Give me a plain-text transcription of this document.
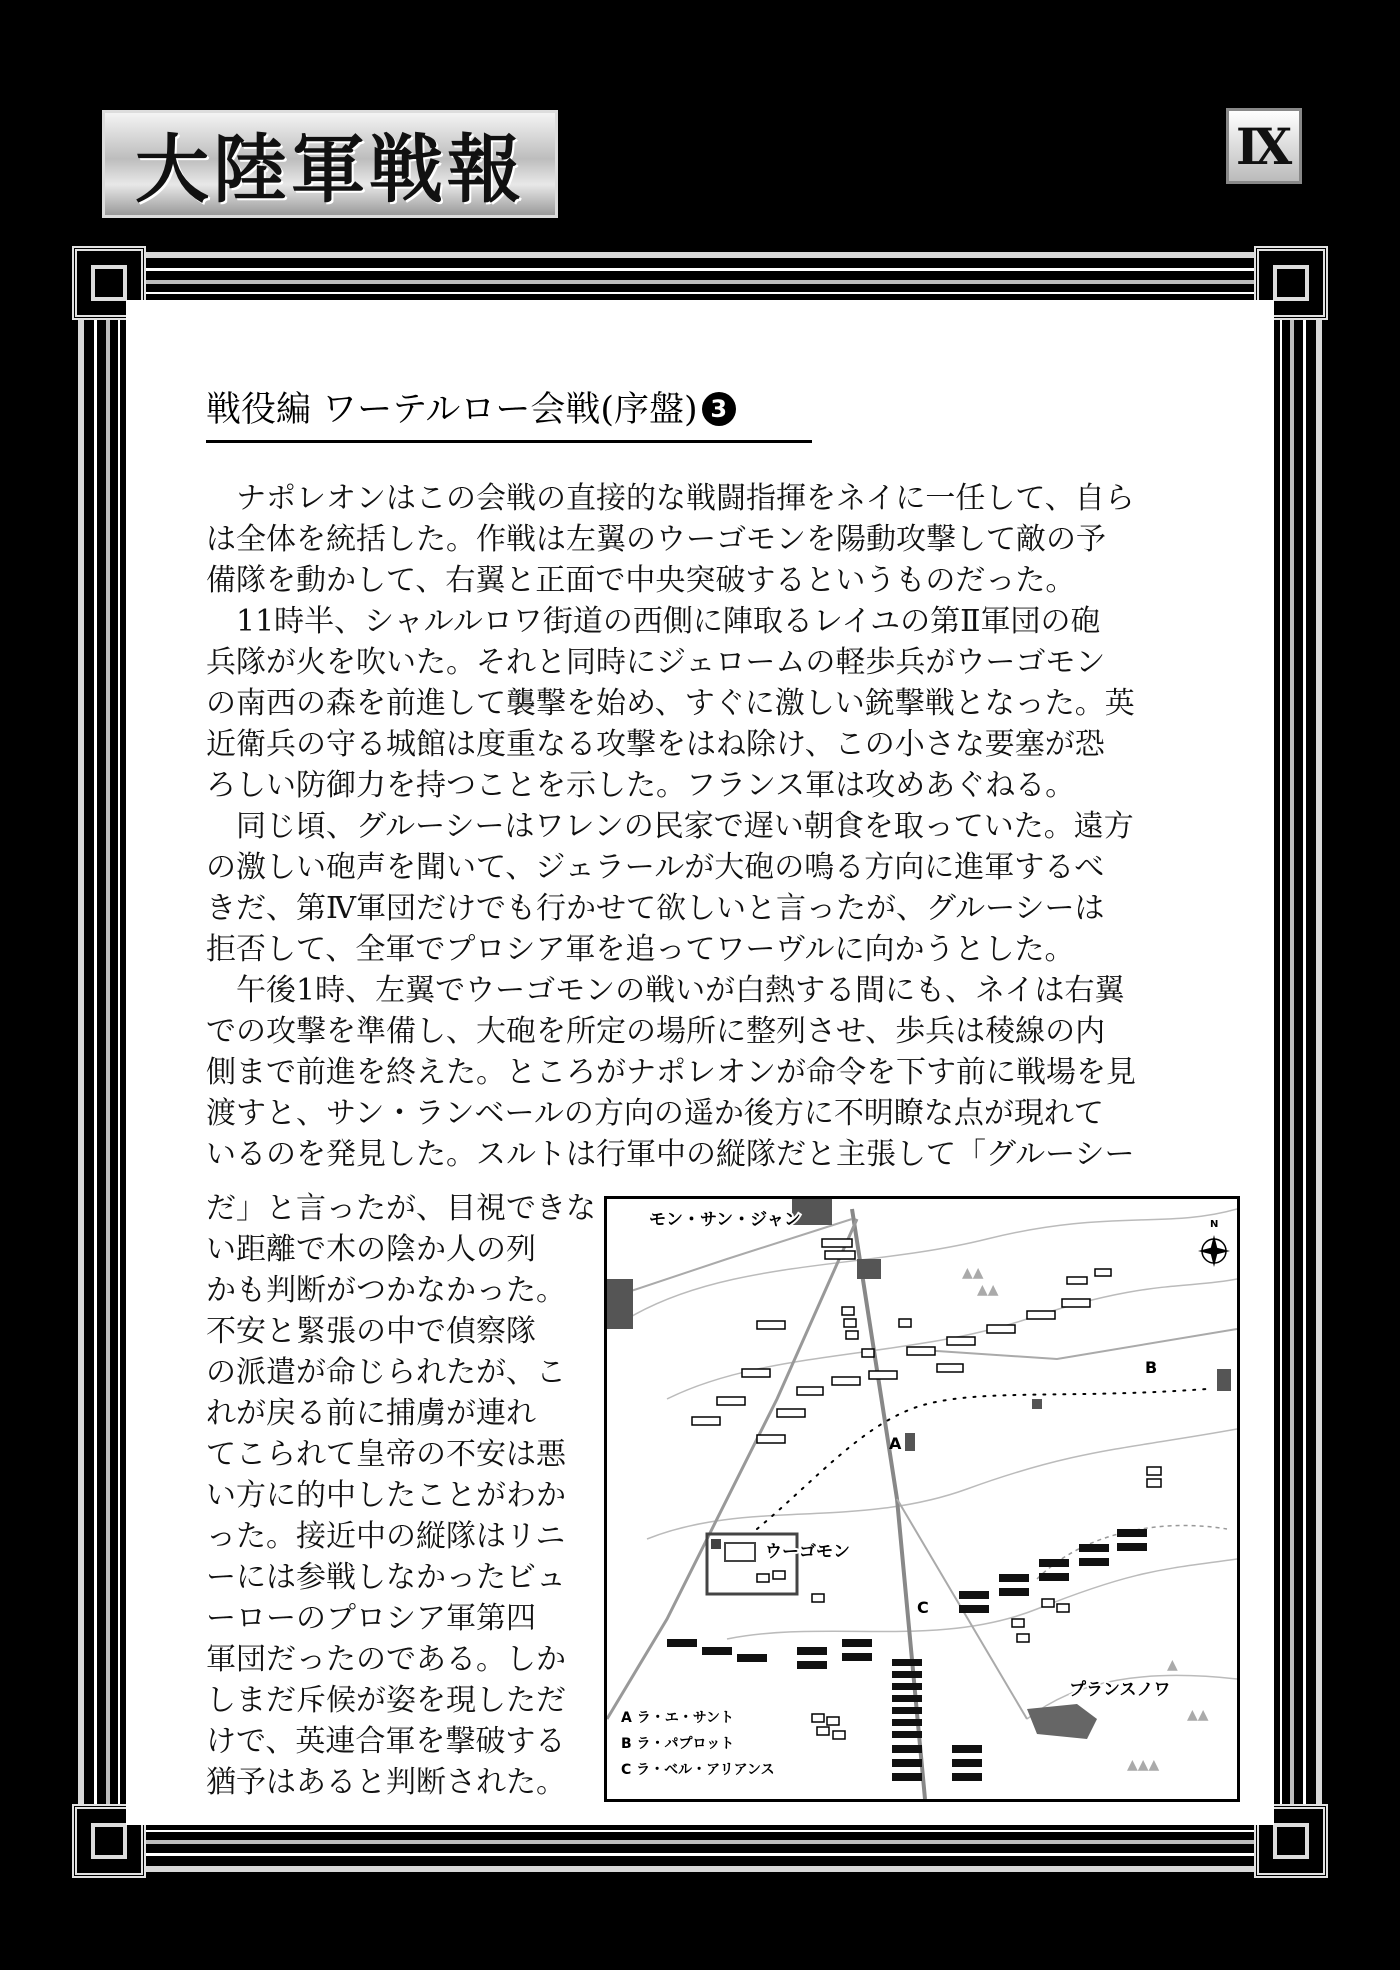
大陸軍戦報	Ⅸ
戦役編 ワーテルロー会戦(序盤) 3
ナポレオンはこの会戦の直接的な戦闘指揮をネイに一任して、自ら
は全体を統括した。作戦は左翼のウーゴモンを陽動攻撃して敵の予
備隊を動かして、右翼と正面で中央突破するというものだった。
11時半、シャルルロワ街道の西側に陣取るレイユの第Ⅱ軍団の砲
兵隊が火を吹いた。それと同時にジェロームの軽歩兵がウーゴモン
の南西の森を前進して襲撃を始め、すぐに激しい銃撃戦となった。英
近衛兵の守る城館は度重なる攻撃をはね除け、この小さな要塞が恐
ろしい防御力を持つことを示した。フランス軍は攻めあぐねる。
同じ頃、グルーシーはワレンの民家で遅い朝食を取っていた。遠方
の激しい砲声を聞いて、ジェラールが大砲の鳴る方向に進軍するべ
きだ、第Ⅳ軍団だけでも行かせて欲しいと言ったが、グルーシーは
拒否して、全軍でプロシア軍を追ってワーヴルに向かうとした。
午後1時、左翼でウーゴモンの戦いが白熱する間にも、ネイは右翼
での攻撃を準備し、大砲を所定の場所に整列させ、歩兵は稜線の内
側まで前進を終えた。ところがナポレオンが命令を下す前に戦場を見
渡すと、サン・ランベールの方向の遥か後方に不明瞭な点が現れて
いるのを発見した。スルトは行軍中の縦隊だと主張して「グルーシー
だ」と言ったが、目視できな
い距離で木の陰か人の列
かも判断がつかなかった。
不安と緊張の中で偵察隊
の派遣が命じられたが、こ
れが戻る前に捕虜が連れ
てこられて皇帝の不安は悪
い方に的中したことがわか
った。接近中の縦隊はリニ
ーには参戦しなかったビュ
ーローのプロシア軍第四
軍団だったのである。しか
しまだ斥候が姿を現しただ
けで、英連合軍を撃破する
猶予はあると判断された。
▲▲
▲▲
▲
▲▲
▲▲▲
N
モン・サン・ジャン
ウーゴモン
プランスノワ
A
B
C
A ラ・エ・サント
B ラ・パプロット
C ラ・ベル・アリアンス
